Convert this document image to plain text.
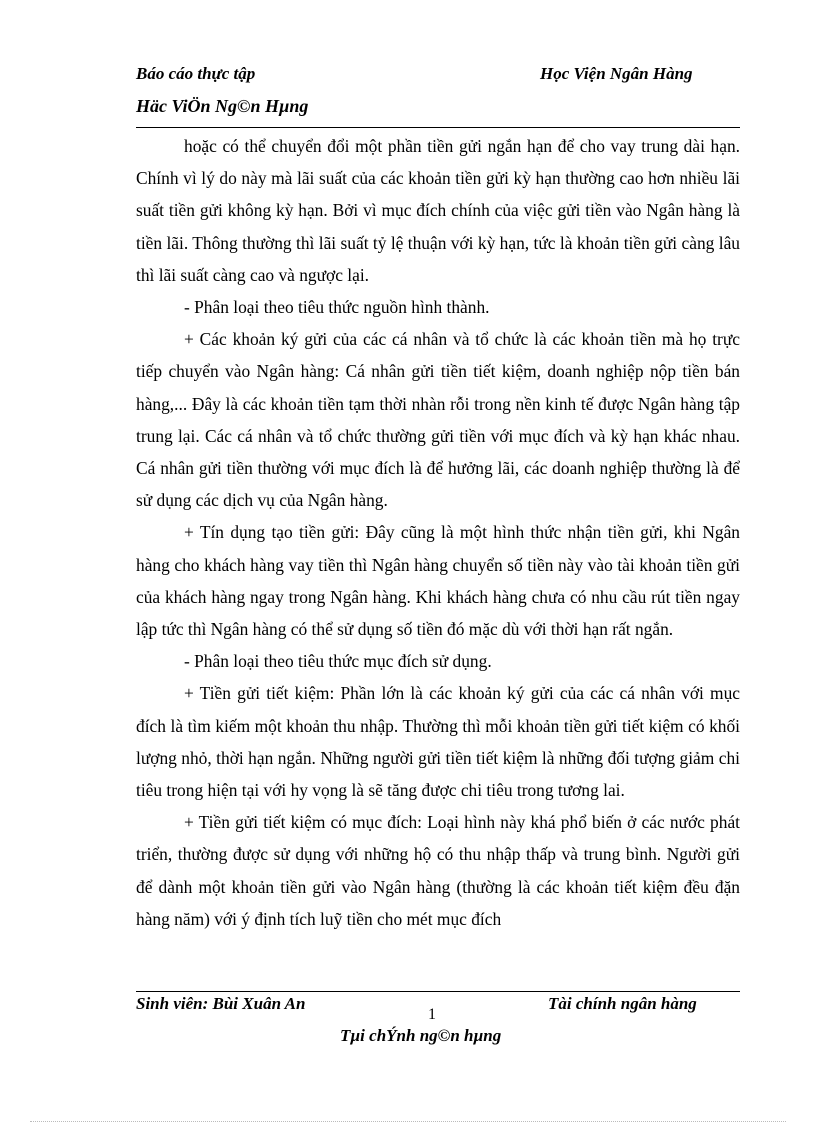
Báo cáo thực tập	Học Viện Ngân Hàng
Häc ViÖn Ng©n Hµng

hoặc có thể chuyển đổi một phần tiền gửi ngắn hạn để cho vay trung dài hạn. Chính vì lý do này mà lãi suất của các khoản tiền gửi kỳ hạn thường cao hơn nhiều lãi suất tiền gửi không kỳ hạn. Bởi vì mục đích chính của việc gửi tiền vào Ngân hàng là tiền lãi. Thông thường thì lãi suất tỷ lệ thuận với kỳ hạn, tức là khoản tiền gửi càng lâu thì lãi suất càng cao và ngược lại.

- Phân loại theo tiêu thức nguồn hình thành.

+ Các khoản ký gửi của các cá nhân và tổ chức là các khoản tiền mà họ trực tiếp chuyển vào Ngân hàng: Cá nhân gửi tiền tiết kiệm, doanh nghiệp nộp tiền bán hàng,... Đây là các khoản tiền tạm thời nhàn rỗi trong nền kinh tế được Ngân hàng tập trung lại. Các cá nhân và tổ chức thường gửi tiền với mục đích và kỳ hạn khác nhau. Cá nhân gửi tiền thường với mục đích là để hưởng lãi, các doanh nghiệp thường là để sử dụng các dịch vụ của Ngân hàng.

+ Tín dụng tạo tiền gửi: Đây cũng là một hình thức nhận tiền gửi, khi Ngân hàng cho khách hàng vay tiền thì Ngân hàng chuyển số tiền này vào tài khoản tiền gửi của khách hàng ngay trong Ngân hàng. Khi khách hàng chưa có nhu cầu rút tiền ngay lập tức thì Ngân hàng có thể sử dụng số tiền đó mặc dù với thời hạn rất ngắn.

- Phân loại theo tiêu thức mục đích sử dụng.

+ Tiền gửi tiết kiệm: Phần lớn là các khoản ký gửi của các cá nhân với mục đích là tìm kiếm một khoản thu nhập. Thường thì mỗi khoản tiền gửi tiết kiệm có khối lượng nhỏ, thời hạn ngắn. Những người gửi tiền tiết kiệm là những đối tượng giảm chi tiêu trong hiện tại với hy vọng là sẽ tăng được chi tiêu trong tương lai.

+ Tiền gửi tiết kiệm có mục đích: Loại hình này khá phổ biến ở các nước phát triển, thường được sử dụng với những hộ có thu nhập thấp và trung bình. Người gửi để dành một khoản tiền gửi vào Ngân hàng (thường là các khoản tiết kiệm đều đặn hàng năm) với ý định tích luỹ tiền cho mét mục đích

Sinh viên: Bùi Xuân An	Tài chính ngân hàng
1
Tµi chÝnh ng©n hµng
